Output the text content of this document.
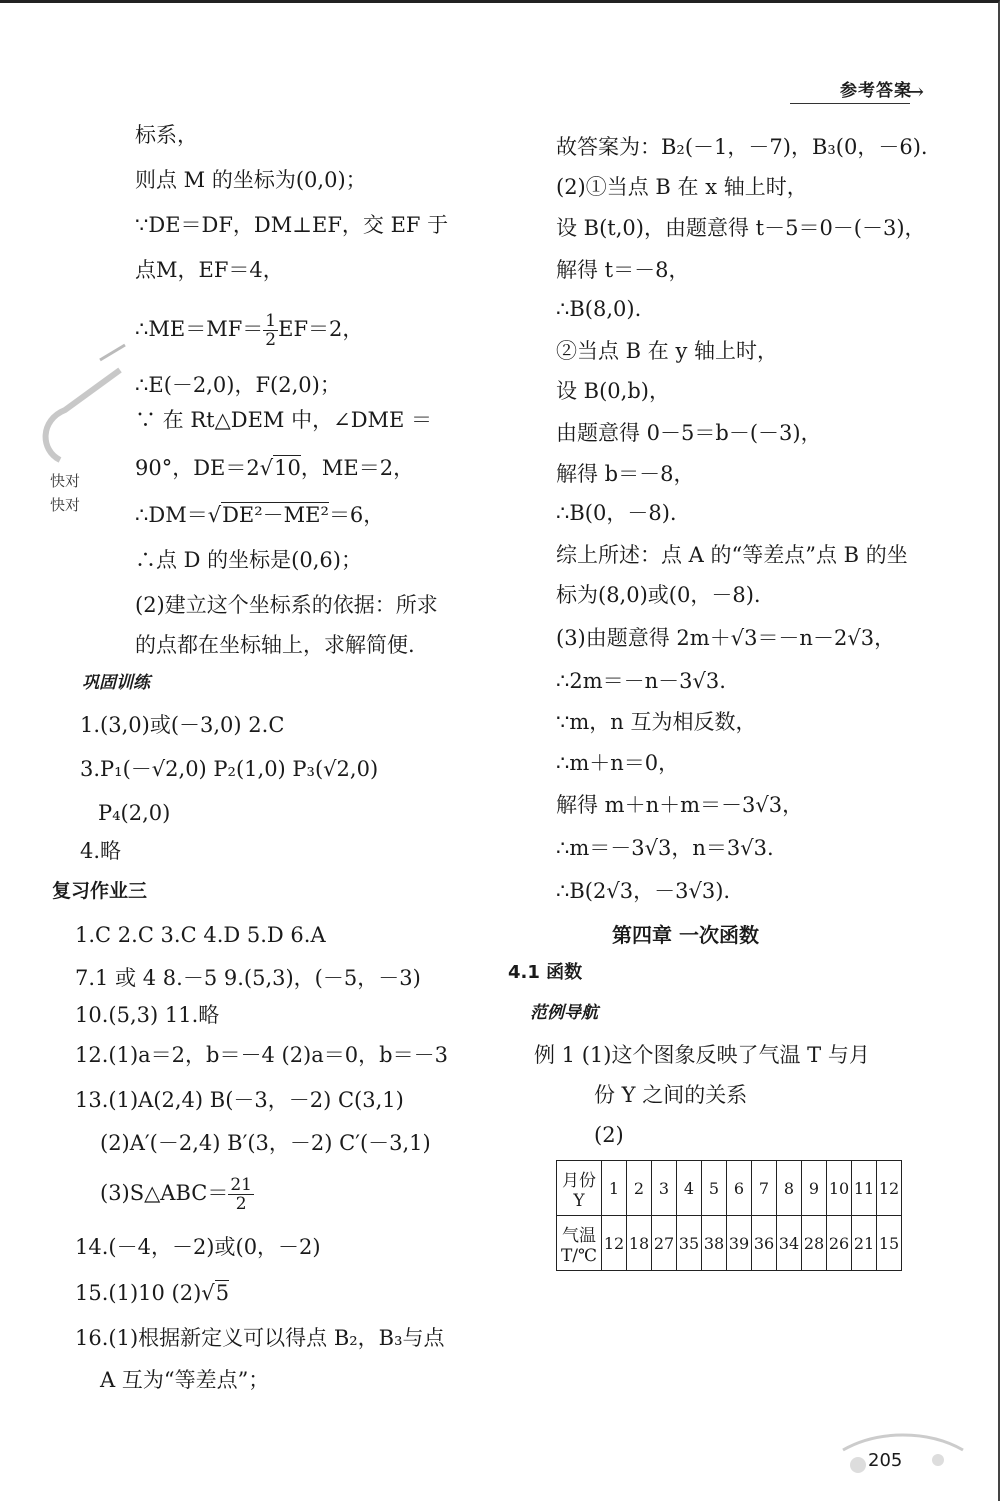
参考答案
↪
快对
快对
标系，
则点 M 的坐标为(0,0)；
∵DE＝DF，DM⊥EF，交 EF 于
点M，EF＝4，
∴ME＝MF＝ $\frac{1}{2} EF=2$，
∴E(－2,0)，F(2,0)；
∵ 在 Rt△DEM 中，∠DME ＝
90°，DE＝2√10，ME＝2，
∴DM＝√DE²－ME²＝6，
∴点 D 的坐标是(0,6)；
(2)建立这个坐标系的依据：所求
的点都在坐标轴上，求解简便.
巩固训练
1.(3,0)或(－3,0) 2.C
3.P₁(－√2,0) P₂(1,0) P₃(√2,0)
P₄(2,0)
4.略
复习作业三
1.C 2.C 3.C 4.D 5.D 6.A
7.1 或 4 8.－5 9.(5,3)，(－5，－3)
10.(5,3) 11.略
12.(1)a＝2，b＝－4 (2)a＝0，b＝－3
13.(1)A(2,4) B(－3，－2) C(3,1)
(2)A′(－2,4) B′(3，－2) C′(－3,1)
(3)S△ABC＝ $\frac{21}{2}$
14.(－4，－2)或(0，－2)
15.(1)10 (2)√5
16.(1)根据新定义可以得点 B₂，B₃与点
A 互为“等差点”；
故答案为：B₂(－1，－7)，B₃(0，－6).
(2)①当点 B 在 x 轴上时，
设 B(t,0)，由题意得 t－5＝0－(－3)，
解得 t＝－8，
∴B(8,0).
②当点 B 在 y 轴上时，
设 B(0,b)，
由题意得 0－5＝b－(－3)，
解得 b＝－8，
∴B(0，－8).
综上所述：点 A 的“等差点”点 B 的坐
标为(8,0)或(0，－8).
(3)由题意得 2m＋√3＝－n－2√3，
∴2m＝－n－3√3.
∵m，n 互为相反数，
∴m＋n＝0，
解得 m＋n＋m＝－3√3，
∴m＝－3√3，n＝3√3.
∴B(2√3，－3√3).
第四章 一次函数
4.1 函数
范例导航
例 1 (1)这个图象反映了气温 T 与月
份 Y 之间的关系
(2)
月份
Y	1	2	3	4	5	6	7	8	9	10	11	12

气温
T/℃	12	18	27	35	38	39	36	34	28	26	21	15
205
